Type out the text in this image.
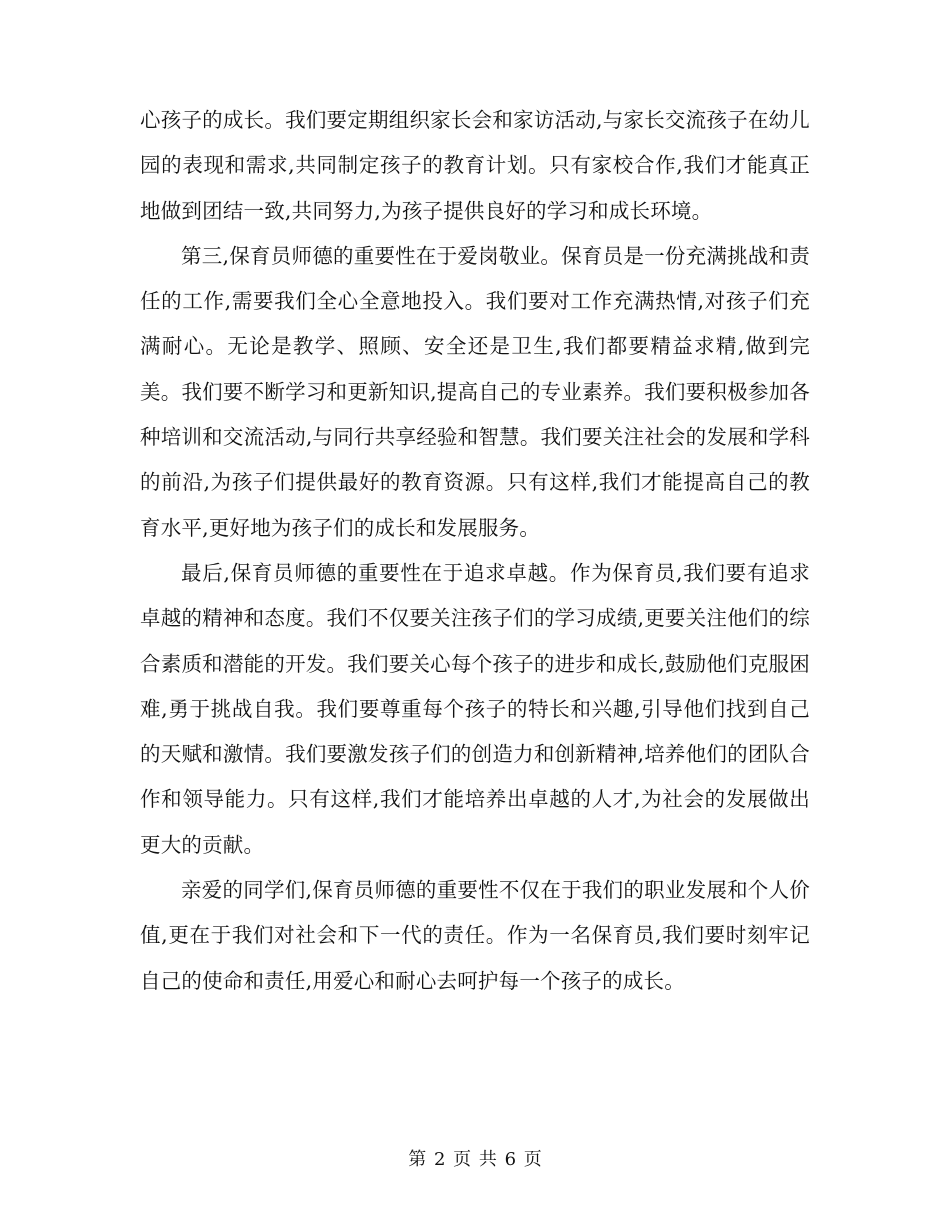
心孩子的成长。我们要定期组织家长会和家访活动,与家长交流孩子在幼儿园的表现和需求,共同制定孩子的教育计划。只有家校合作,我们才能真正地做到团结一致,共同努力,为孩子提供良好的学习和成长环境。

第三,保育员师德的重要性在于爱岗敬业。保育员是一份充满挑战和责任的工作,需要我们全心全意地投入。我们要对工作充满热情,对孩子们充满耐心。无论是教学、照顾、安全还是卫生,我们都要精益求精,做到完美。我们要不断学习和更新知识,提高自己的专业素养。我们要积极参加各种培训和交流活动,与同行共享经验和智慧。我们要关注社会的发展和学科的前沿,为孩子们提供最好的教育资源。只有这样,我们才能提高自己的教育水平,更好地为孩子们的成长和发展服务。

最后,保育员师德的重要性在于追求卓越。作为保育员,我们要有追求卓越的精神和态度。我们不仅要关注孩子们的学习成绩,更要关注他们的综合素质和潜能的开发。我们要关心每个孩子的进步和成长,鼓励他们克服困难,勇于挑战自我。我们要尊重每个孩子的特长和兴趣,引导他们找到自己的天赋和激情。我们要激发孩子们的创造力和创新精神,培养他们的团队合作和领导能力。只有这样,我们才能培养出卓越的人才,为社会的发展做出更大的贡献。

亲爱的同学们,保育员师德的重要性不仅在于我们的职业发展和个人价值,更在于我们对社会和下一代的责任。作为一名保育员,我们要时刻牢记自己的使命和责任,用爱心和耐心去呵护每一个孩子的成长。

第 2 页 共 6 页
